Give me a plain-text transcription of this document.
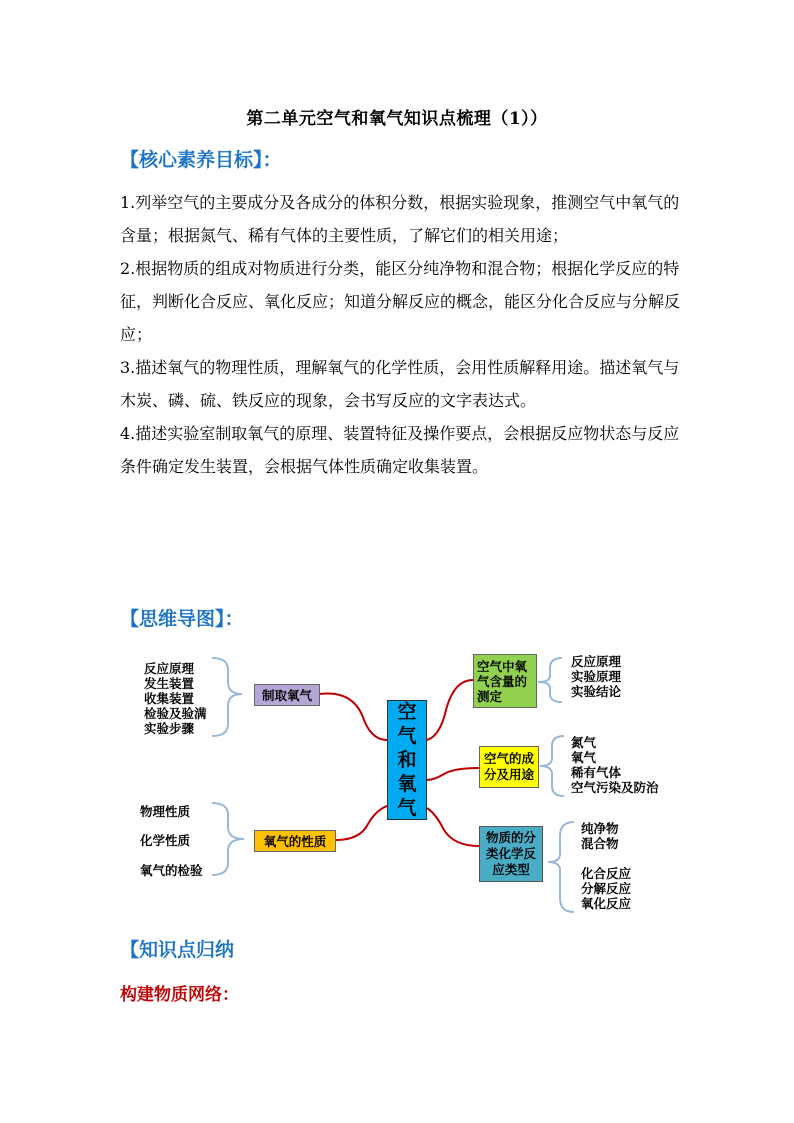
第二单元空气和氧气知识点梳理（1））
【核心素养目标】：

1.列举空气的主要成分及各成分的体积分数，根据实验现象，推测空气中氧气的含量；根据氮气、稀有气体的主要性质，了解它们的相关用途；

2.根据物质的组成对物质进行分类，能区分纯净物和混合物；根据化学反应的特征，判断化合反应、氧化反应；知道分解反应的概念，能区分化合反应与分解反应；

3.描述氧气的物理性质，理解氧气的化学性质，会用性质解释用途。描述氧气与木炭、磷、硫、铁反应的现象，会书写反应的文字表达式。

4.描述实验室制取氧气的原理、装置特征及操作要点，会根据反应物状态与反应条件确定发生装置，会根据气体性质确定收集装置。

【思维导图】：
反应原理
发生装置
收集装置
检验及验满
实验步骤
制取氧气
物理性质
化学性质
氧气的检验
氧气的性质
空气和氧气
空气中氧气含量的测定
反应原理
实验原理
实验结论
空气的成分及用途
氮气
氧气
稀有气体
空气污染及防治
物质的分类化学反应类型
纯净物
混合物
化合反应
分解反应
氧化反应
【知识点归纳
构建物质网络：
